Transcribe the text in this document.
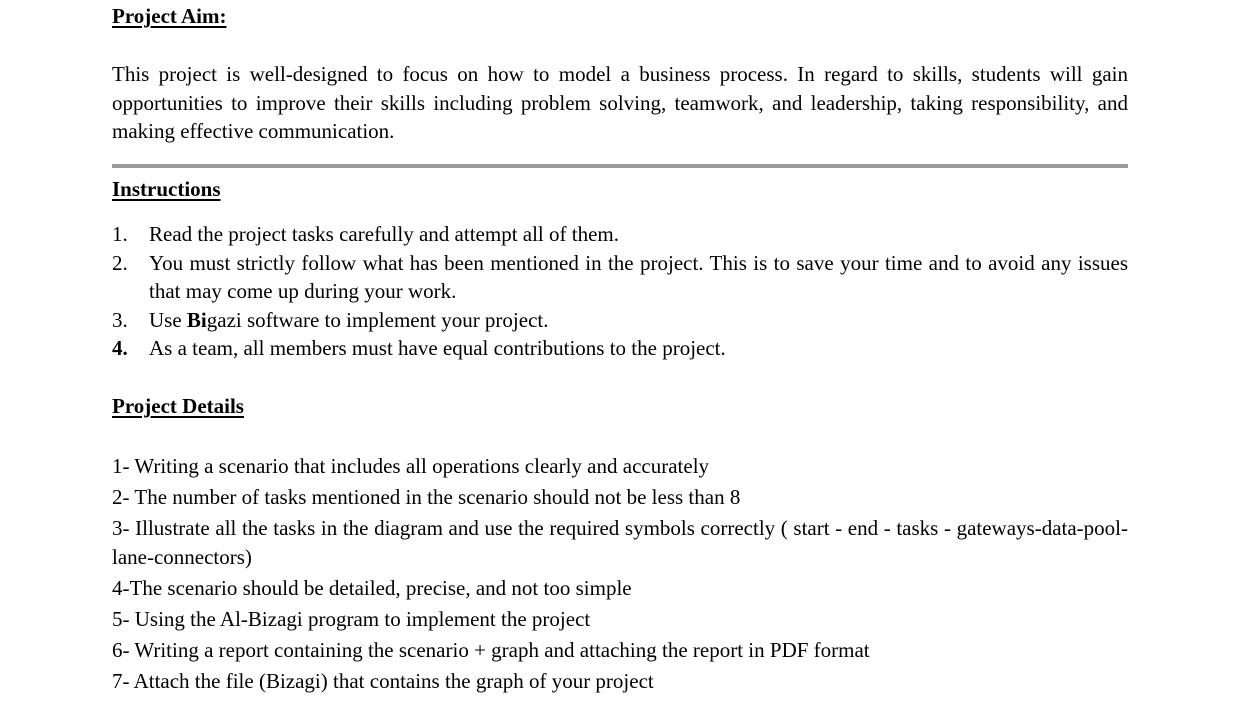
Project Aim:

This project is well-designed to focus on how to model a business process. In regard to skills, students will gain opportunities to improve their skills including problem solving, teamwork, and leadership, taking responsibility, and making effective communication.

Instructions
1.	Read the project tasks carefully and attempt all of them.
2.	You must strictly follow what has been mentioned in the project. This is to save your time and to avoid any issues that may come up during your work.
3.	Use Bigazi software to implement your project.
4.	As a team, all members must have equal contributions to the project.
Project Details
1- Writing a scenario that includes all operations clearly and accurately
2- The number of tasks mentioned in the scenario should not be less than 8
3- Illustrate all the tasks in the diagram and use the required symbols correctly ( start - end - tasks - gateways-data-pool-lane-connectors)
4-The scenario should be detailed, precise, and not too simple
5- Using the Al-Bizagi program to implement the project
6- Writing a report containing the scenario + graph and attaching the report in PDF format
7- Attach the file (Bizagi) that contains the graph of your project
